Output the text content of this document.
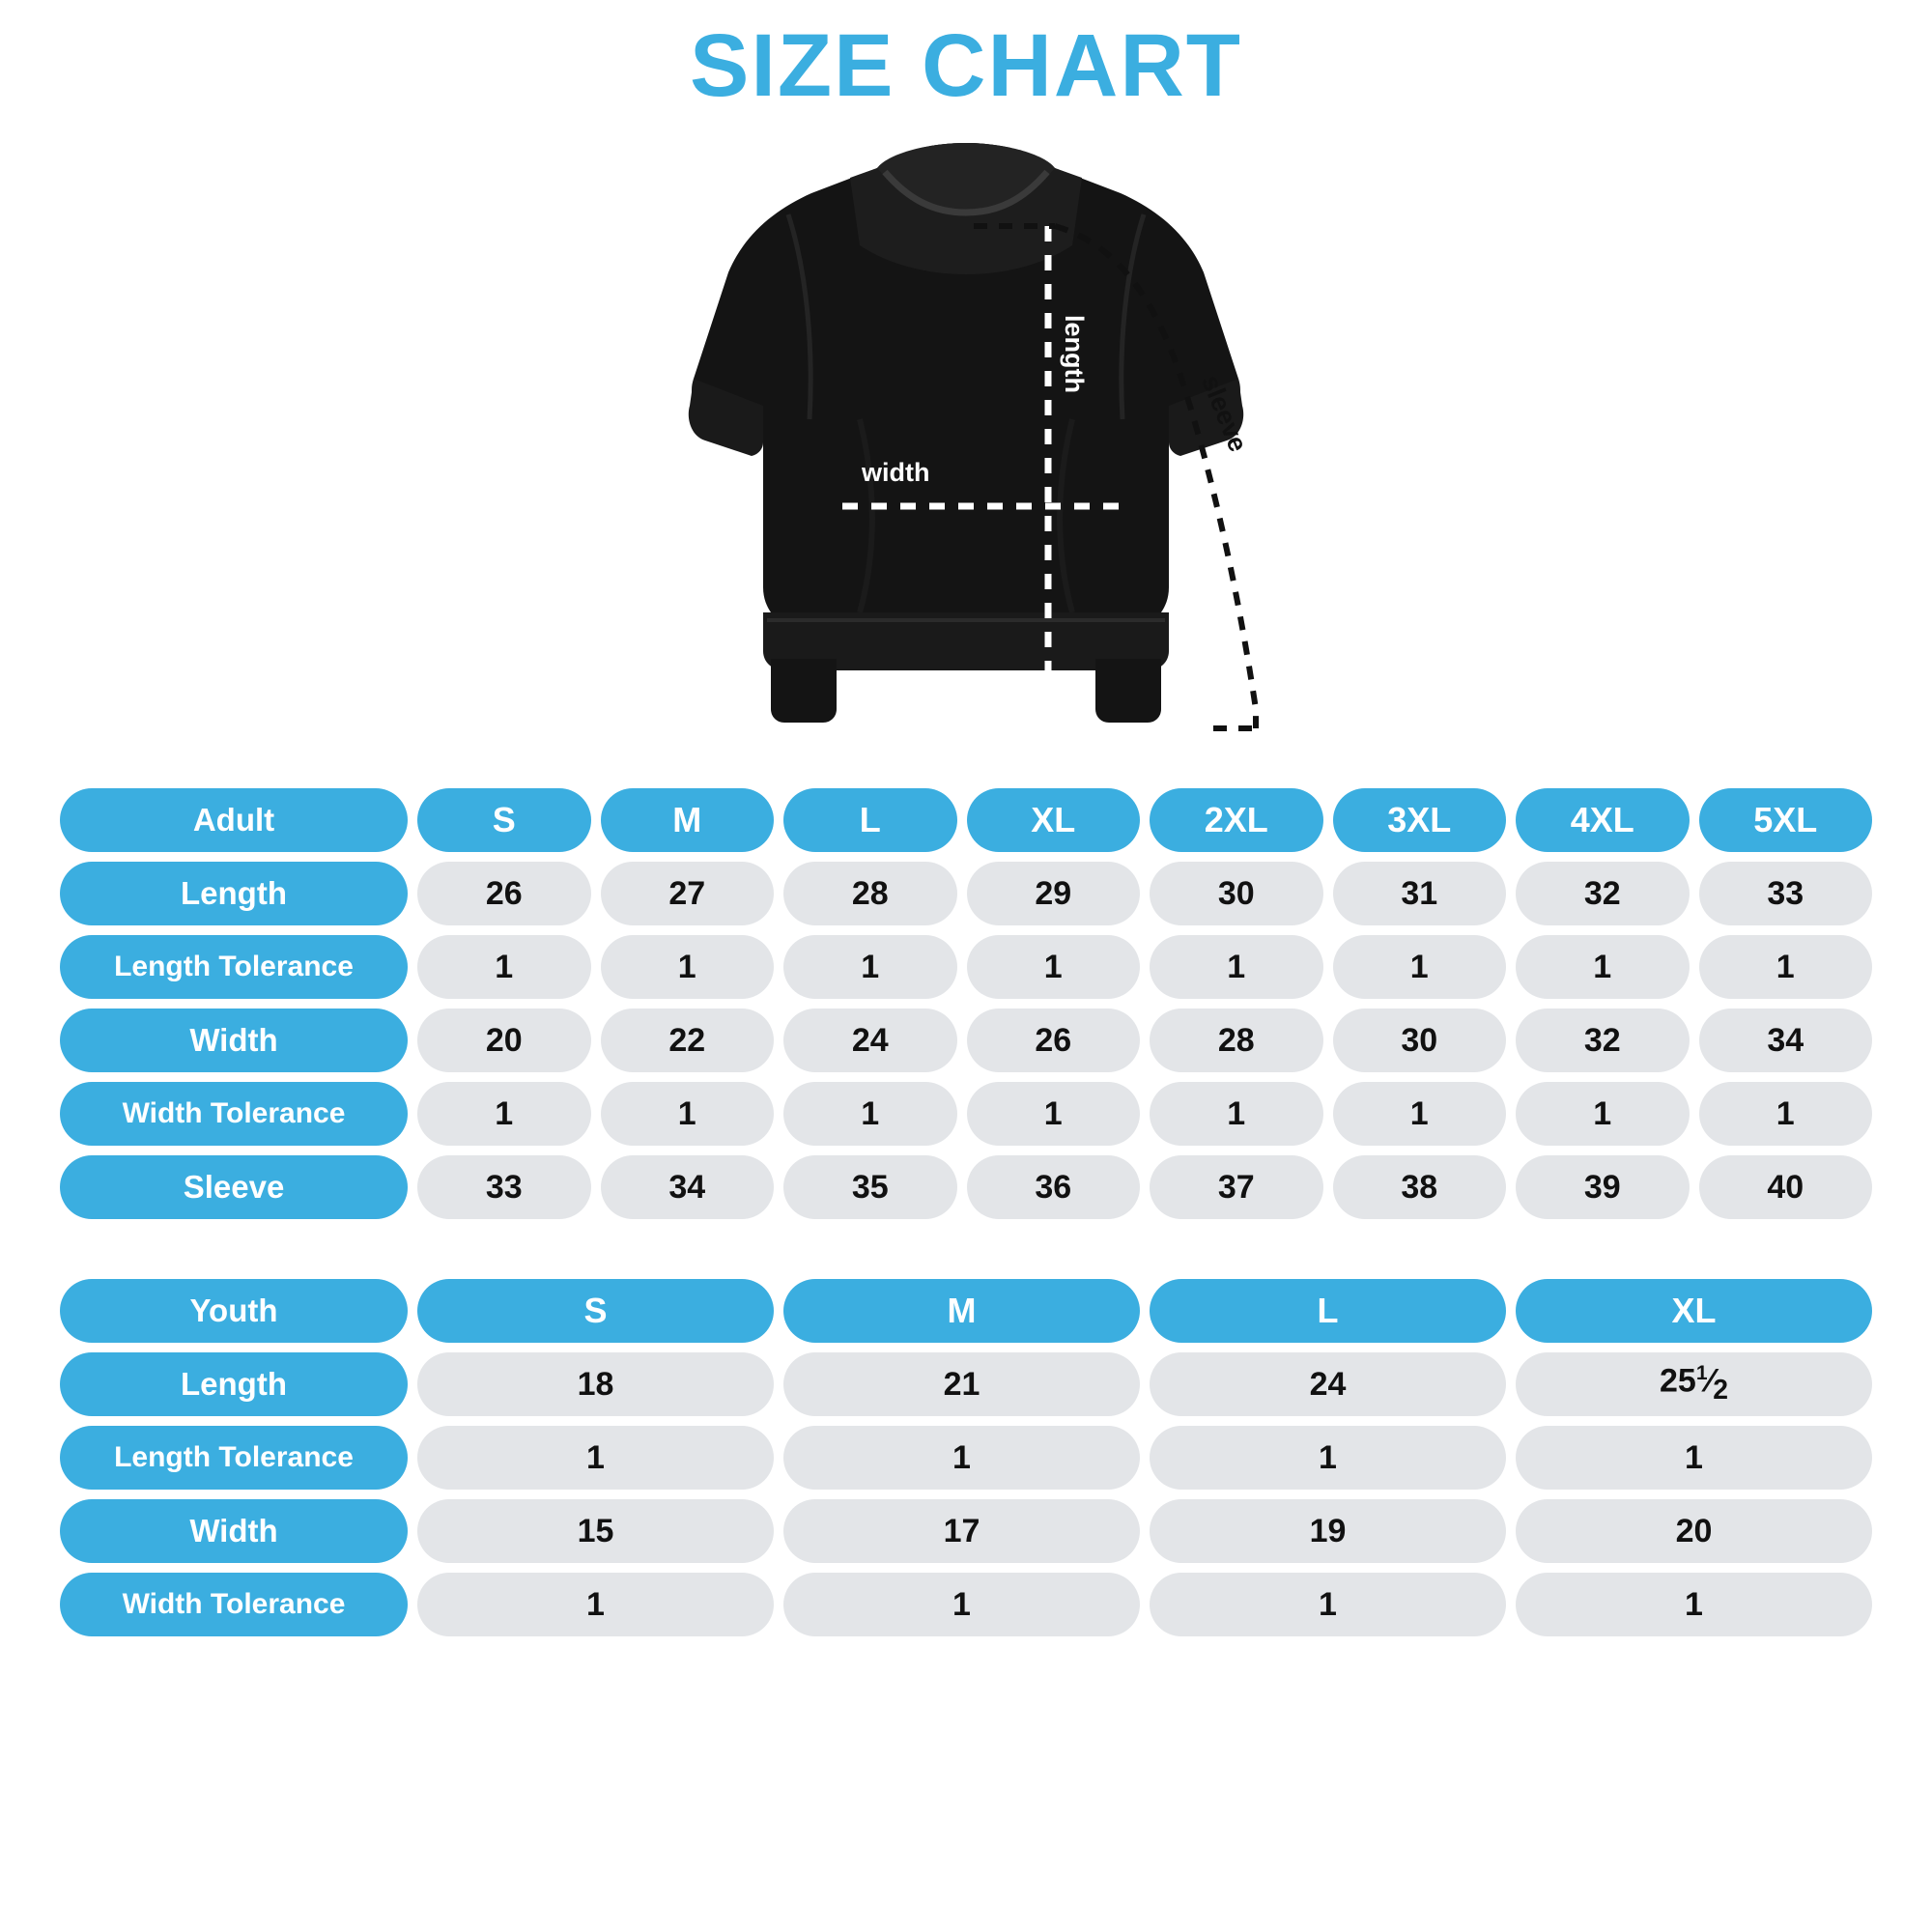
SIZE CHART
width
length
sleeve
Adult	S	M	L	XL	2XL	3XL	4XL	5XL
Length	26	27	28	29	30	31	32	33
Length Tolerance	1	1	1	1	1	1	1	1
Width	20	22	24	26	28	30	32	34
Width Tolerance	1	1	1	1	1	1	1	1
Sleeve	33	34	35	36	37	38	39	40
Youth	S	M	L	XL
Length	18	21	24	$25^1⁄_2$
Length Tolerance	1	1	1	1
Width	15	17	19	20
Width Tolerance	1	1	1	1
